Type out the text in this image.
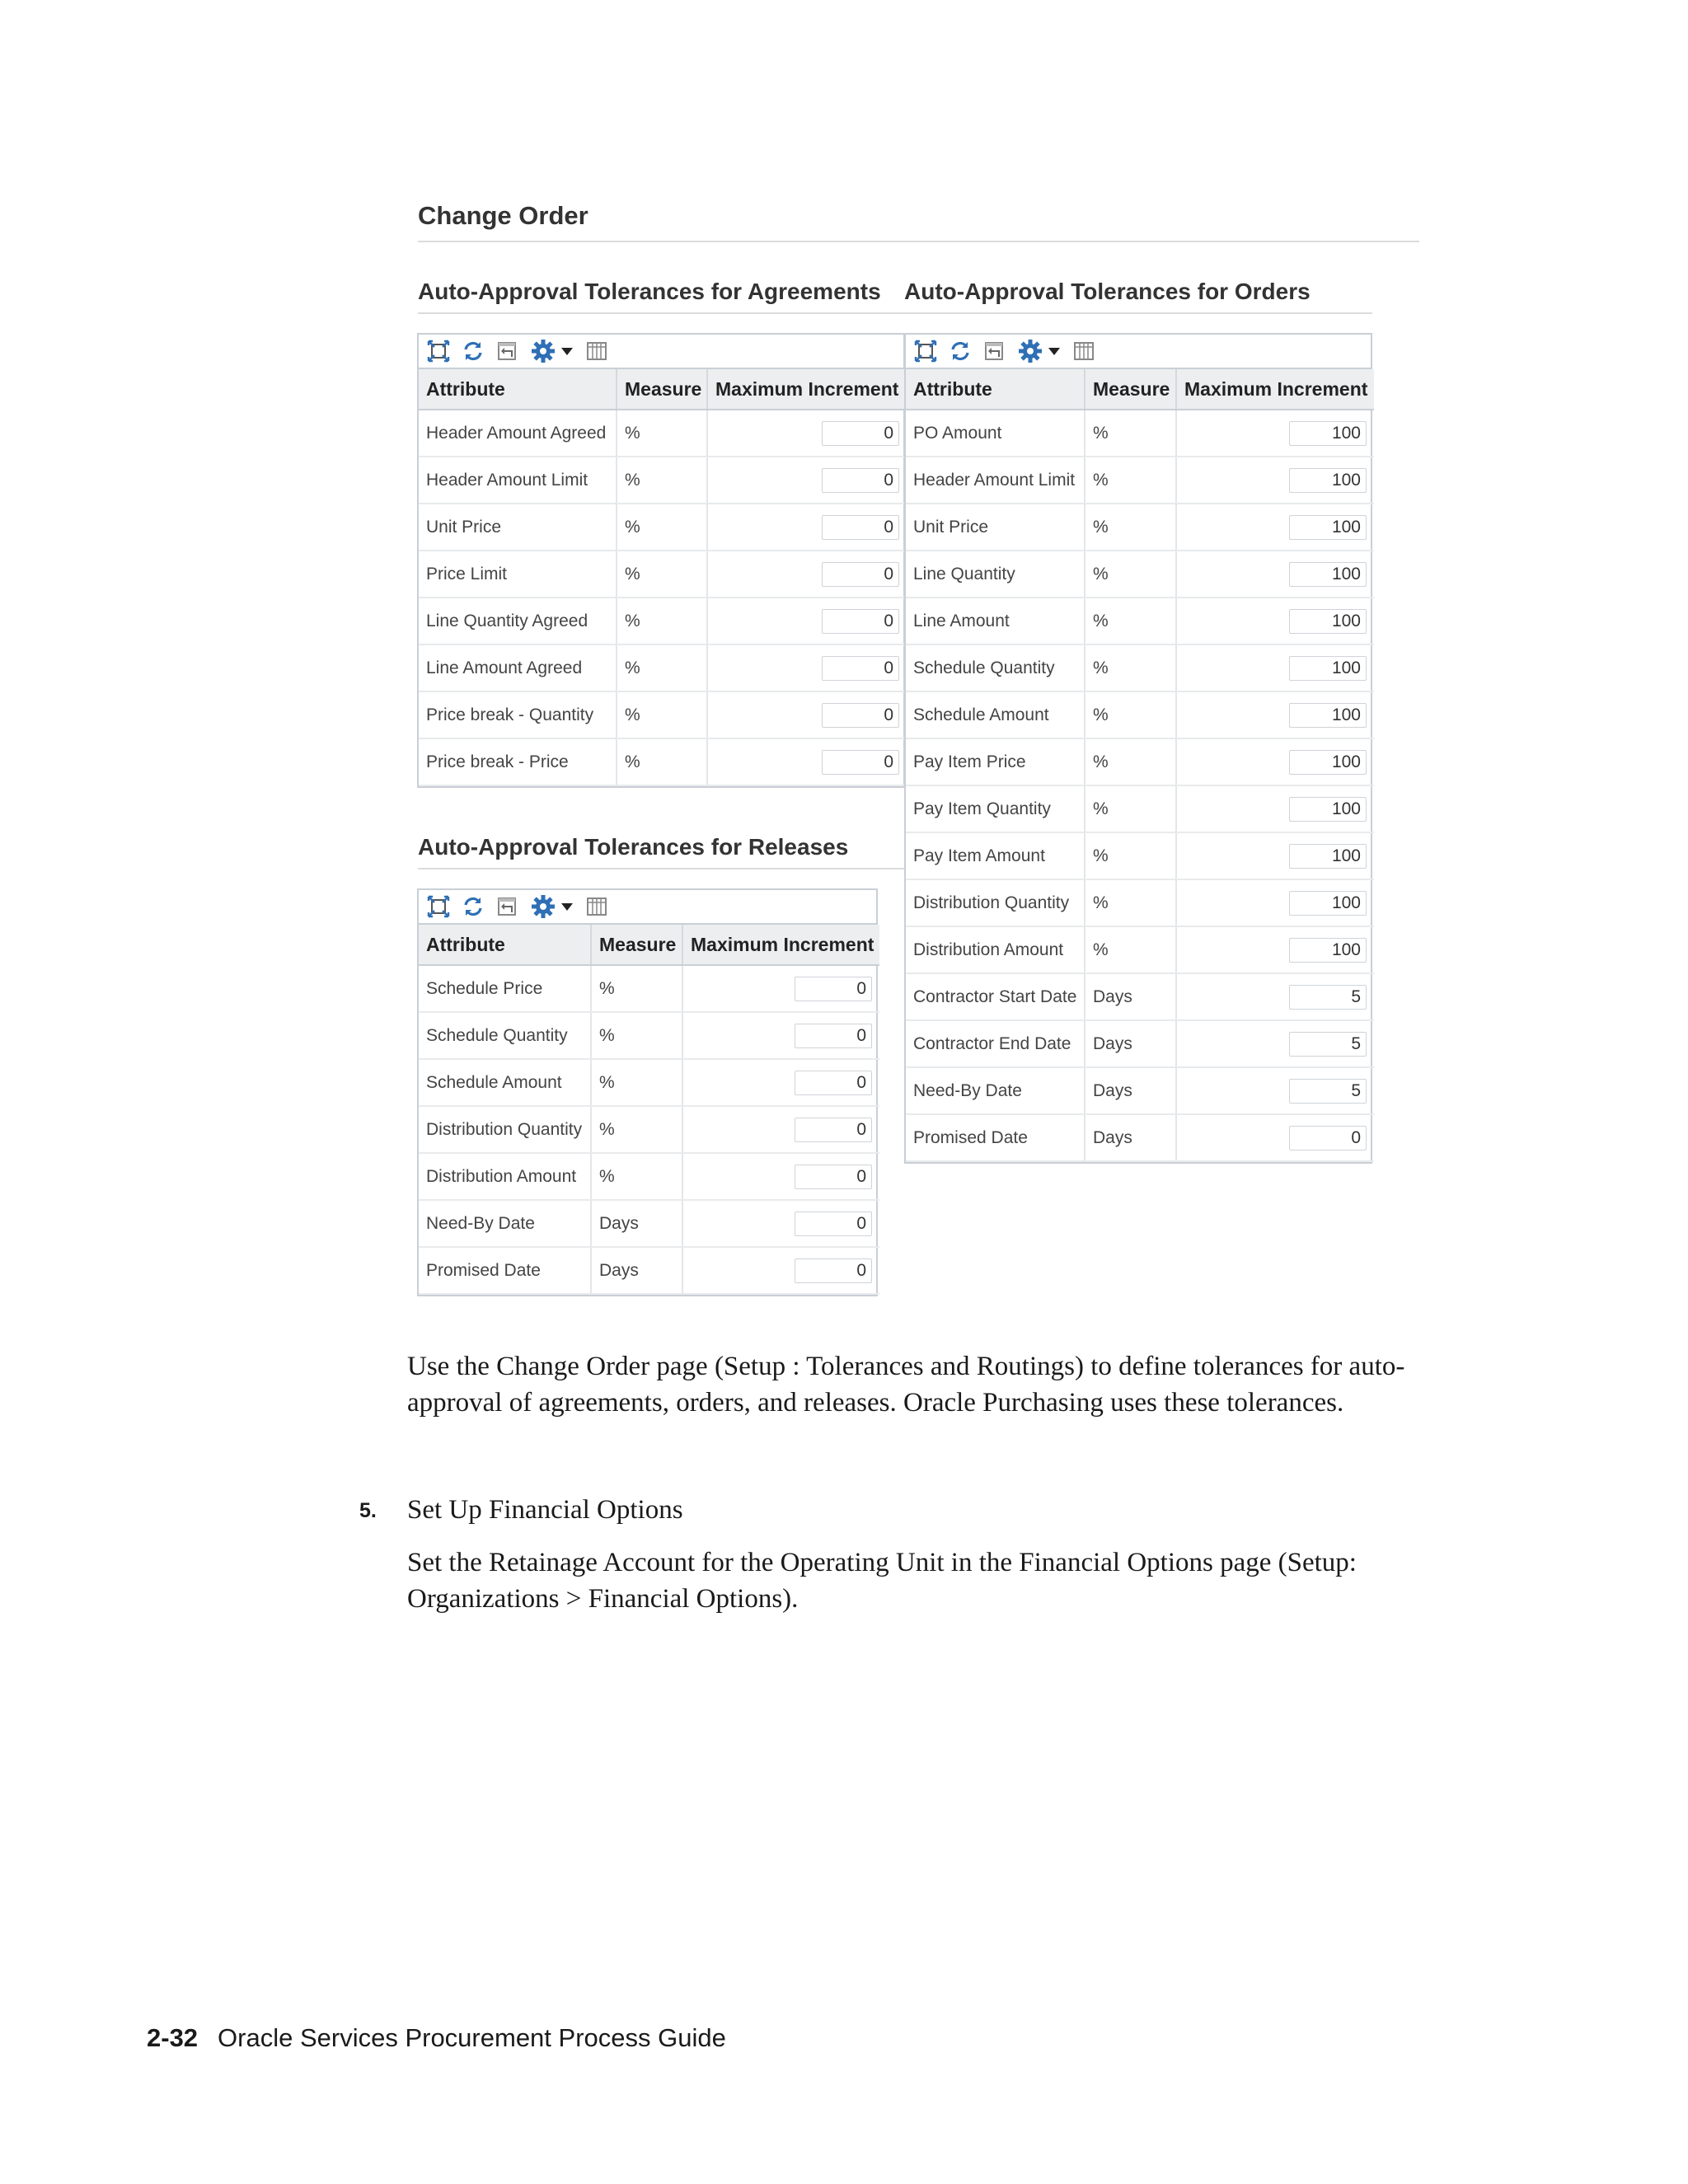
Change Order
Auto-Approval Tolerances for Agreements
Attribute	Measure	Maximum Increment
Header Amount Agreed	%	0

Header Amount Limit	%	0

Unit Price	%	0

Price Limit	%	0

Line Quantity Agreed	%	0

Line Amount Agreed	%	0

Price break - Quantity	%	0

Price break - Price	%	0
Auto-Approval Tolerances for Orders
Attribute	Measure	Maximum Increment
PO Amount	%	100

Header Amount Limit	%	100

Unit Price	%	100

Line Quantity	%	100

Line Amount	%	100

Schedule Quantity	%	100

Schedule Amount	%	100

Pay Item Price	%	100

Pay Item Quantity	%	100

Pay Item Amount	%	100

Distribution Quantity	%	100

Distribution Amount	%	100

Contractor Start Date	Days	5

Contractor End Date	Days	5

Need-By Date	Days	5

Promised Date	Days	0
Auto-Approval Tolerances for Releases
Attribute	Measure	Maximum Increment
Schedule Price	%	0

Schedule Quantity	%	0

Schedule Amount	%	0

Distribution Quantity	%	0

Distribution Amount	%	0

Need-By Date	Days	0

Promised Date	Days	0
Use the Change Order page (Setup : Tolerances and Routings) to define tolerances for auto-approval of agreements, orders, and releases. Oracle Purchasing uses these tolerances.
5. Set Up Financial Options
Set the Retainage Account for the Operating Unit in the Financial Options page (Setup: Organizations > Financial Options).
2-32 Oracle Services Procurement Process Guide
